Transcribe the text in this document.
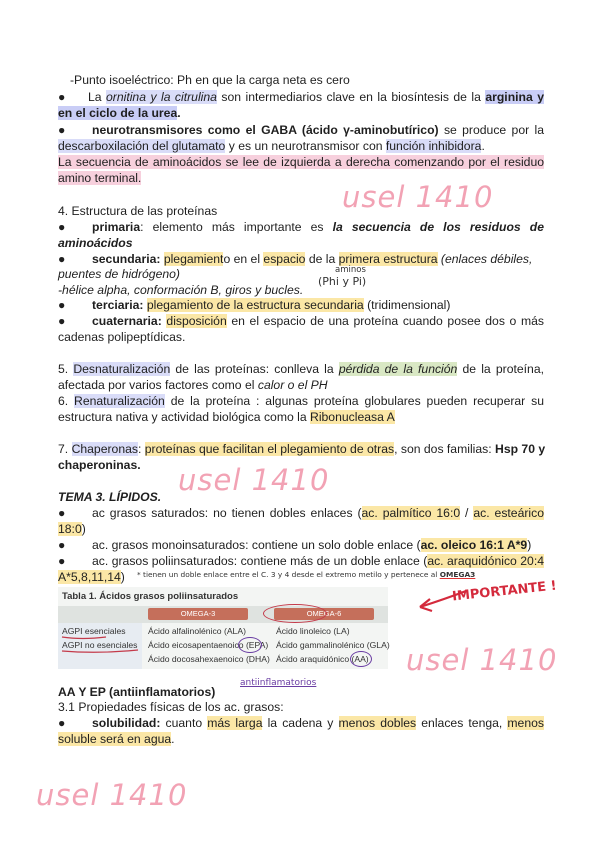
-Punto isoeléctrico: Ph en que la carga neta es cero
● La ornitina y la citrulina son intermediarios clave en la biosíntesis de la arginina y
en el ciclo de la urea.
● neurotransmisores como el GABA (ácido γ-aminobutírico) se produce por la
descarboxilación del glutamato y es un neurotransmisor con función inhibidora.
La secuencia de aminoácidos se lee de izquierda a derecha comenzando por el residuo
amino terminal.
4. Estructura de las proteínas
● primaria: elemento más importante es la secuencia de los residuos de
aminoácidos
● secundaria: plegamiento en el espacio de la primera estructura (enlaces débiles,
puentes de hidrógeno)
-hélice alpha, conformación B, giros y bucles.
● terciaria: plegamiento de la estructura secundaria (tridimensional)
● cuaternaria: disposición en el espacio de una proteína cuando posee dos o más
cadenas polipeptídicas.
5. Desnaturalización de las proteínas: conlleva la pérdida de la función de la proteína,
afectada por varios factores como el calor o el PH
6. Renaturalización de la proteína : algunas proteína globulares pueden recuperar su
estructura nativa y actividad biológica como la Ribonucleasa A
7. Chaperonas: proteínas que facilitan el plegamiento de otras, son dos familias: Hsp 70 y
chaperoninas.
TEMA 3. LÍPIDOS.
● ac grasos saturados: no tienen dobles enlaces (ac. palmítico 16:0 / ac. esteárico
18:0)
● ac. grasos monoinsaturados: contiene un solo doble enlace (ac. oleico 16:1 A*9)
● ac. grasos poliinsaturados: contiene más de un doble enlace (ac. araquidónico 20:4
A*5,8,11,14)	* tienen un doble enlace entre el C. 3 y 4 desde el extremo metilo y pertenece al OMEGA3
Tabla 1. Ácidos grasos poliinsaturados
OMEGA-3	OMEGA-6
AGPI esenciales
AGPI no esenciales
Ácido alfalinolénico (ALA)
Ácido eicosapentaenoico (EPA)
Ácido docosahexaenoico (DHA)
Ácido linoleico (LA)
Ácido gammalinolénico (GLA)
Ácido araquidónico (AA)
IMPORTANTE !
aminos
(Phi y Pi)
antiinflamatorios
AA Y EP (antiinflamatorios)
3.1 Propiedades físicas de los ac. grasos:
● solubilidad: cuanto más larga la cadena y menos dobles enlaces tenga, menos
soluble será en agua.
usel 1410
usel 1410
usel 1410
usel 1410
